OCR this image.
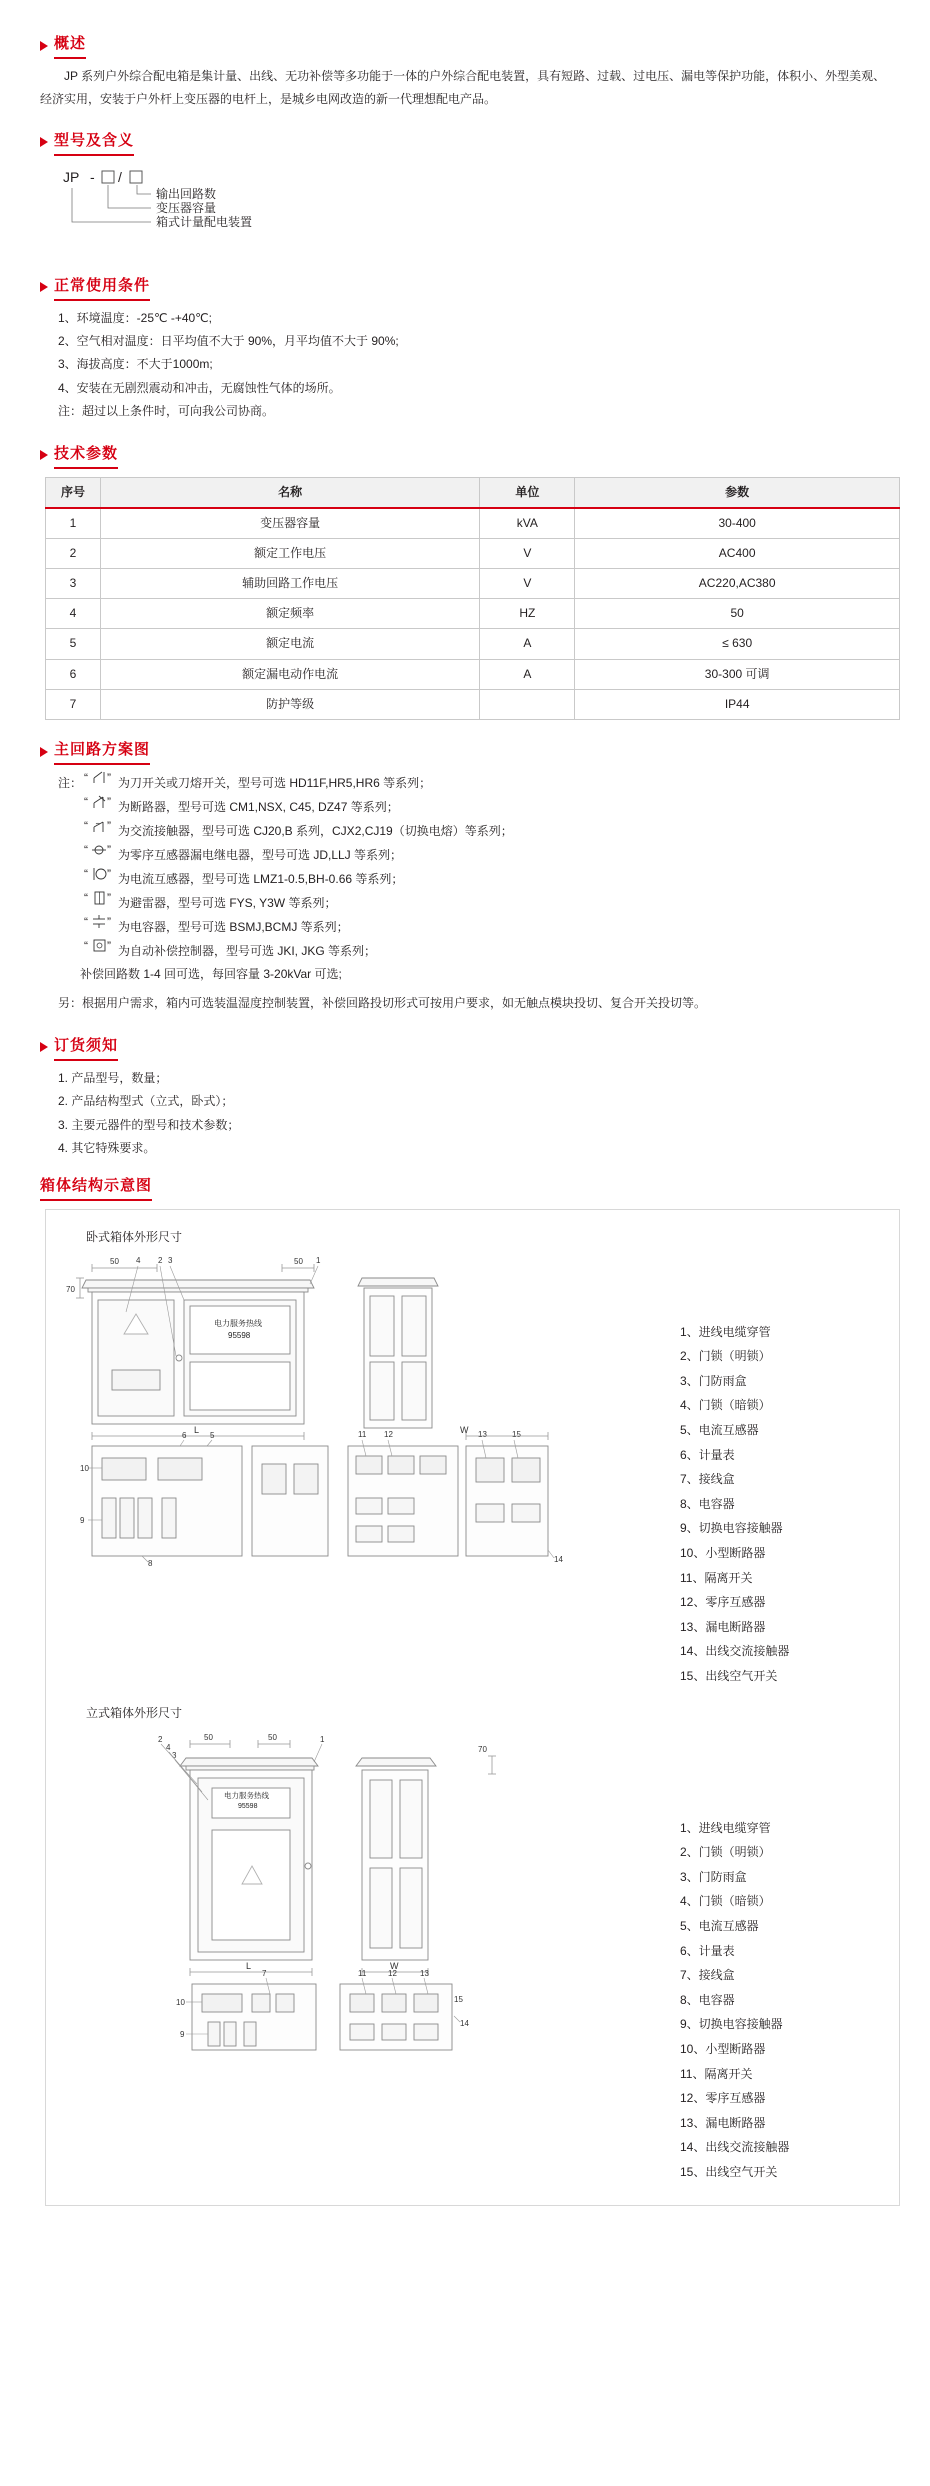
概述

JP 系列户外综合配电箱是集计量、出线、无功补偿等多功能于一体的户外综合配电装置，具有短路、过载、过电压、漏电等保护功能，体积小、外型美观、经济实用，安装于户外杆上变压器的电杆上，是城乡电网改造的新一代理想配电产品。

型号及含义
JP - /
输出回路数
变压器容量
箱式计量配电装置
正常使用条件
1、环境温度：-25℃ -+40℃;
2、空气相对温度：日平均值不大于 90%，月平均值不大于 90%;
3、海拔高度：不大于1000m;
4、安装在无剧烈震动和冲击，无腐蚀性气体的场所。
注：超过以上条件时，可向我公司协商。
技术参数
序号	名称	单位	参数
1	变压器容量	kVA	30-400
2	额定工作电压	V	AC400
3	辅助回路工作电压	V	AC220,AC380
4	额定频率	HZ	50
5	额定电流	A	≤ 630
6	额定漏电动作电流	A	30-300 可调
7	防护等级		IP44
主回路方案图
注： “ ” 为刀开关或刀熔开关，型号可选 HD11F,HR5,HR6 等系列；
“ ” 为断路器，型号可选 CM1,NSX, C45, DZ47 等系列；
“ ” 为交流接触器，型号可选 CJ20,B 系列，CJX2,CJ19（切换电熔）等系列；
“ ” 为零序互感器漏电继电器，型号可选 JD,LLJ 等系列；
“ ” 为电流互感器，型号可选 LMZ1-0.5,BH-0.66 等系列；
“ ” 为避雷器，型号可选 FYS, Y3W 等系列；
“ ” 为电容器，型号可选 BSMJ,BCMJ 等系列；
“ ” 为自动补偿控制器，型号可选 JKI, JKG 等系列；
补偿回路数 1-4 回可选，每回容量 3-20kVar 可选;
另：根据用户需求，箱内可选装温湿度控制装置，补偿回路投切形式可按用户要求，如无触点模块投切、复合开关投切等。
订货须知
1. 产品型号，数量；
2. 产品结构型式（立式，卧式）；
3. 主要元器件的型号和技术参数；
4. 其它特殊要求。
箱体结构示意图
卧式箱体外形尺寸
50	50
70
4 2 3	1
电力服务热线
95598
L
10
9
6	5
8
11 12	13	15
14
W
1、进线电缆穿管
2、门锁（明锁）
3、门防雨盒
4、门锁（暗锁）
5、电流互感器
6、计量表
7、接线盒
8、电容器
9、切换电容接触器
10、小型断路器
11、隔离开关
12、零序互感器
13、漏电断路器
14、出线交流接触器
15、出线空气开关
立式箱体外形尺寸
50	50
70
2
4
3
1
电力服务热线
95598
L	W
10
9
7	11	12	13
14
15
1、进线电缆穿管
2、门锁（明锁）
3、门防雨盒
4、门锁（暗锁）
5、电流互感器
6、计量表
7、接线盒
8、电容器
9、切换电容接触器
10、小型断路器
11、隔离开关
12、零序互感器
13、漏电断路器
14、出线交流接触器
15、出线空气开关
